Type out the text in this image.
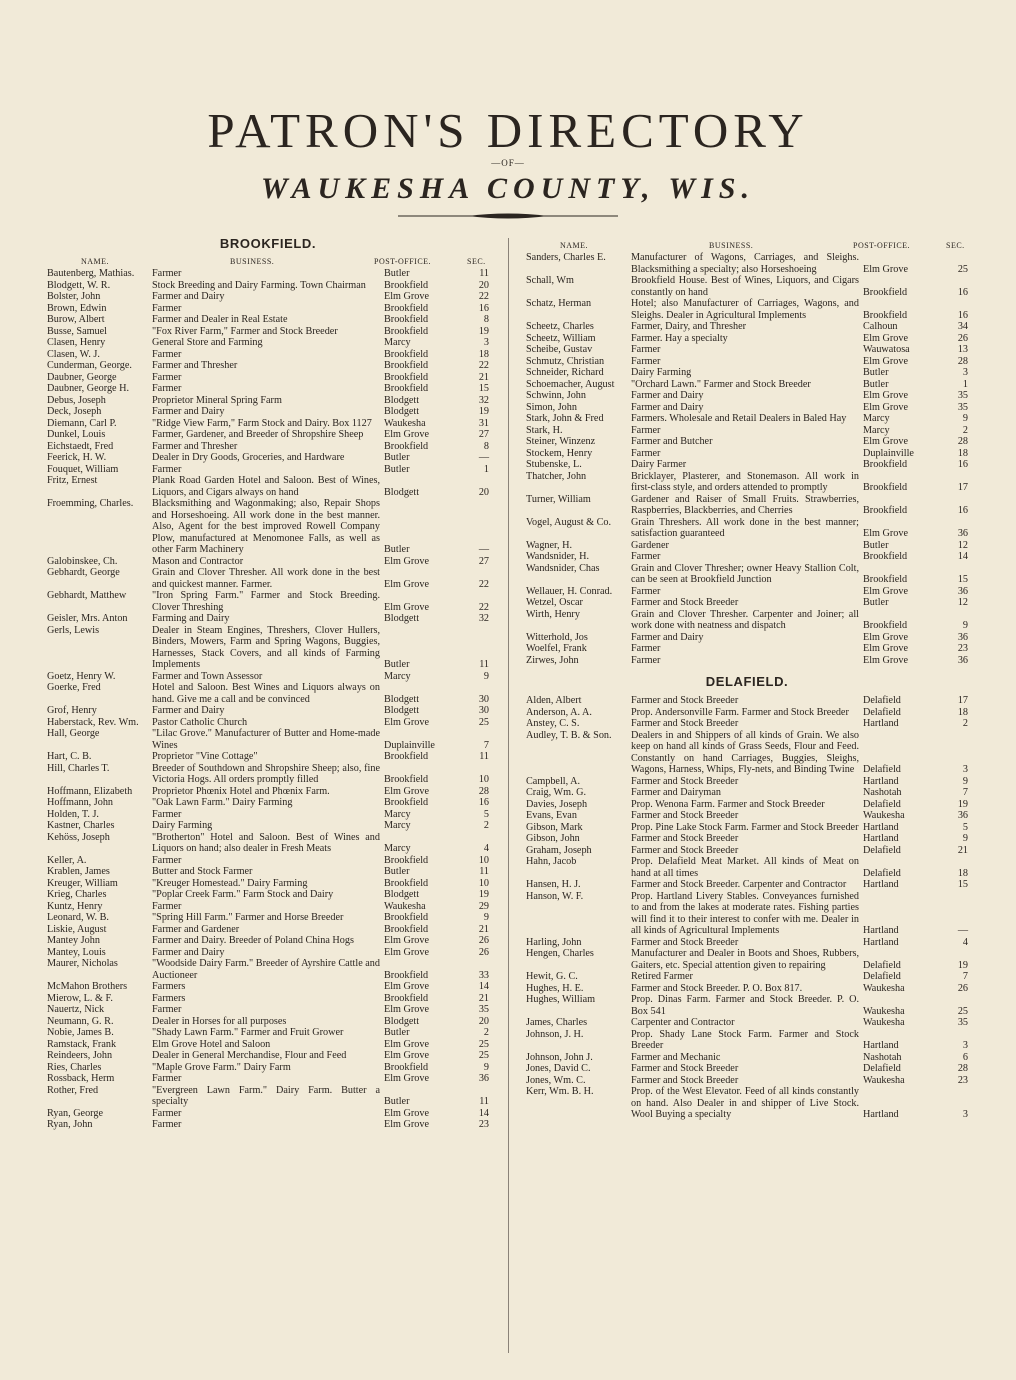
PATRON'S DIRECTORY
—OF—
WAUKESHA COUNTY, WIS.
BROOKFIELD.
NAME.	BUSINESS.	POST-OFFICE.	SEC.
Bautenberg, Mathias.	Farmer	Butler	11
Blodgett, W. R.	Stock Breeding and Dairy Farming. Town Chairman	Brookfield	20
Bolster, John	Farmer and Dairy	Elm Grove	22
Brown, Edwin	Farmer	Brookfield	16
Burow, Albert	Farmer and Dealer in Real Estate	Brookfield	8
Busse, Samuel	"Fox River Farm," Farmer and Stock Breeder	Brookfield	19
Clasen, Henry	General Store and Farming	Marcy	3
Clasen, W. J.	Farmer	Brookfield	18
Cunderman, George.	Farmer and Thresher	Brookfield	22
Daubner, George	Farmer	Brookfield	21
Daubner, George H.	Farmer	Brookfield	15
Debus, Joseph	Proprietor Mineral Spring Farm	Blodgett	32
Deck, Joseph	Farmer and Dairy	Blodgett	19
Diemann, Carl P.	"Ridge View Farm," Farm Stock and Dairy. Box 1127	Waukesha	31
Dunkel, Louis	Farmer, Gardener, and Breeder of Shropshire Sheep	Elm Grove	27
Eichstaedt, Fred	Farmer and Thresher	Brookfield	8
Feerick, H. W.	Dealer in Dry Goods, Groceries, and Hardware	Butler	—
Fouquet, William	Farmer	Butler	1
Fritz, Ernest	Plank Road Garden Hotel and Saloon. Best of Wines, Liquors, and Cigars always on hand	Blodgett	20
Froemming, Charles.	Blacksmithing and Wagonmaking; also, Repair Shops and Horseshoeing. All work done in the best manner. Also, Agent for the best improved Rowell Company Plow, manufactured at Menomonee Falls, as well as other Farm Machinery	Butler	—
Galobinskee, Ch.	Mason and Contractor	Elm Grove	27
Gebhardt, George	Grain and Clover Thresher. All work done in the best and quickest manner. Farmer.	Elm Grove	22
Gebhardt, Matthew	"Iron Spring Farm." Farmer and Stock Breeding. Clover Threshing	Elm Grove	22
Geisler, Mrs. Anton	Farming and Dairy	Blodgett	32
Gerls, Lewis	Dealer in Steam Engines, Threshers, Clover Hullers, Binders, Mowers, Farm and Spring Wagons, Buggies, Harnesses, Stack Covers, and all kinds of Farming Implements	Butler	11
Goetz, Henry W.	Farmer and Town Assessor	Marcy	9
Goerke, Fred	Hotel and Saloon. Best Wines and Liquors always on hand. Give me a call and be convinced	Blodgett	30
Grof, Henry	Farmer and Dairy	Blodgett	30
Haberstack, Rev. Wm.	Pastor Catholic Church	Elm Grove	25
Hall, George	"Lilac Grove." Manufacturer of Butter and Home-made Wines	Duplainville	7
Hart, C. B.	Proprietor "Vine Cottage"	Brookfield	11
Hill, Charles T.	Breeder of Southdown and Shropshire Sheep; also, fine Victoria Hogs. All orders promptly filled	Brookfield	10
Hoffmann, Elizabeth	Proprietor Phœnix Hotel and Phœnix Farm.	Elm Grove	28
Hoffmann, John	"Oak Lawn Farm." Dairy Farming	Brookfield	16
Holden, T. J.	Farmer	Marcy	5
Kastner, Charles	Dairy Farming	Marcy	2
Kehöss, Joseph	"Brotherton" Hotel and Saloon. Best of Wines and Liquors on hand; also dealer in Fresh Meats	Marcy	4
Keller, A.	Farmer	Brookfield	10
Krablen, James	Butter and Stock Farmer	Butler	11
Kreuger, William	"Kreuger Homestead." Dairy Farming	Brookfield	10
Krieg, Charles	"Poplar Creek Farm." Farm Stock and Dairy	Blodgett	19
Kuntz, Henry	Farmer	Waukesha	29
Leonard, W. B.	"Spring Hill Farm." Farmer and Horse Breeder	Brookfield	9
Liskie, August	Farmer and Gardener	Brookfield	21
Mantey John	Farmer and Dairy. Breeder of Poland China Hogs	Elm Grove	26
Mantey, Louis	Farmer and Dairy	Elm Grove	26
Maurer, Nicholas	"Woodside Dairy Farm." Breeder of Ayrshire Cattle and Auctioneer	Brookfield	33
McMahon Brothers	Farmers	Elm Grove	14
Mierow, L. & F.	Farmers	Brookfield	21
Nauertz, Nick	Farmer	Elm Grove	35
Neumann, G. R.	Dealer in Horses for all purposes	Blodgett	20
Nobie, James B.	"Shady Lawn Farm." Farmer and Fruit Grower	Butler	2
Ramstack, Frank	Elm Grove Hotel and Saloon	Elm Grove	25
Reindeers, John	Dealer in General Merchandise, Flour and Feed	Elm Grove	25
Ries, Charles	"Maple Grove Farm." Dairy Farm	Brookfield	9
Rossback, Herm	Farmer	Elm Grove	36
Rother, Fred	"Evergreen Lawn Farm." Dairy Farm. Butter a specialty	Butler	11
Ryan, George	Farmer	Elm Grove	14
Ryan, John	Farmer	Elm Grove	23
NAME.	BUSINESS.	POST-OFFICE.	SEC.
Sanders, Charles E.	Manufacturer of Wagons, Carriages, and Sleighs. Blacksmithing a specialty; also Horseshoeing	Elm Grove	25
Schall, Wm	Brookfield House. Best of Wines, Liquors, and Cigars constantly on hand	Brookfield	16
Schatz, Herman	Hotel; also Manufacturer of Carriages, Wagons, and Sleighs. Dealer in Agricultural Implements	Brookfield	16
Scheetz, Charles	Farmer, Dairy, and Thresher	Calhoun	34
Scheetz, William	Farmer. Hay a specialty	Elm Grove	26
Scheibe, Gustav	Farmer	Wauwatosa	13
Schmutz, Christian	Farmer	Elm Grove	28
Schneider, Richard	Dairy Farming	Butler	3
Schoemacher, August	"Orchard Lawn." Farmer and Stock Breeder	Butler	1
Schwinn, John	Farmer and Dairy	Elm Grove	35
Simon, John	Farmer and Dairy	Elm Grove	35
Stark, John & Fred	Farmers. Wholesale and Retail Dealers in Baled Hay	Marcy	9
Stark, H.	Farmer	Marcy	2
Steiner, Winzenz	Farmer and Butcher	Elm Grove	28
Stockem, Henry	Farmer	Duplainville	18
Stubenske, L.	Dairy Farmer	Brookfield	16
Thatcher, John	Bricklayer, Plasterer, and Stonemason. All work in first-class style, and orders attended to promptly	Brookfield	17
Turner, William	Gardener and Raiser of Small Fruits. Strawberries, Raspberries, Blackberries, and Cherries	Brookfield	16
Vogel, August & Co.	Grain Threshers. All work done in the best manner; satisfaction guaranteed	Elm Grove	36
Wagner, H.	Gardener	Butler	12
Wandsnider, H.	Farmer	Brookfield	14
Wandsnider, Chas	Grain and Clover Thresher; owner Heavy Stallion Colt, can be seen at Brookfield Junction	Brookfield	15
Wellauer, H. Conrad.	Farmer	Elm Grove	36
Wetzel, Oscar	Farmer and Stock Breeder	Butler	12
Wirth, Henry	Grain and Clover Thresher. Carpenter and Joiner; all work done with neatness and dispatch	Brookfield	9
Witterhold, Jos	Farmer and Dairy	Elm Grove	36
Woelfel, Frank	Farmer	Elm Grove	23
Zirwes, John	Farmer	Elm Grove	36
DELAFIELD.
Alden, Albert	Farmer and Stock Breeder	Delafield	17
Anderson, A. A.	Prop. Andersonville Farm. Farmer and Stock Breeder	Delafield	18
Anstey, C. S.	Farmer and Stock Breeder	Hartland	2
Audley, T. B. & Son.	Dealers in and Shippers of all kinds of Grain. We also keep on hand all kinds of Grass Seeds, Flour and Feed. Constantly on hand Carriages, Buggies, Sleighs, Wagons, Harness, Whips, Fly-nets, and Binding Twine Delafield	3
Campbell, A.	Farmer and Stock Breeder	Hartland	9
Craig, Wm. G.	Farmer and Dairyman	Nashotah	7
Davies, Joseph	Prop. Wenona Farm. Farmer and Stock Breeder	Delafield	19
Evans, Evan	Farmer and Stock Breeder	Waukesha	36
Gibson, Mark	Prop. Pine Lake Stock Farm. Farmer and Stock Breeder Hartland	5
Gibson, John	Farmer and Stock Breeder	Hartland	9
Graham, Joseph	Farmer and Stock Breeder	Delafield	21
Hahn, Jacob	Prop. Delafield Meat Market. All kinds of Meat on hand at all times	Delafield	18
Hansen, H. J.	Farmer and Stock Breeder. Carpenter and Contractor	Hartland	15
Hanson, W. F.	Prop. Hartland Livery Stables. Conveyances furnished to and from the lakes at moderate rates. Fishing parties will find it to their interest to confer with me. Dealer in all kinds of Agricultural Implements	Hartland	—
Harling, John	Farmer and Stock Breeder	Hartland	4
Hengen, Charles	Manufacturer and Dealer in Boots and Shoes, Rubbers, Gaiters, etc. Special attention given to repairing	Delafield	19
Hewit, G. C.	Retired Farmer	Delafield	7
Hughes, H. E.	Farmer and Stock Breeder. P. O. Box 817.	Waukesha	26
Hughes, William	Prop. Dinas Farm. Farmer and Stock Breeder. P. O. Box 541	Waukesha	25
James, Charles	Carpenter and Contractor	Waukesha	35
Johnson, J. H.	Prop. Shady Lane Stock Farm. Farmer and Stock Breeder	Hartland	3
Johnson, John J.	Farmer and Mechanic	Nashotah	6
Jones, David C.	Farmer and Stock Breeder	Delafield	28
Jones, Wm. C.	Farmer and Stock Breeder	Waukesha	23
Kerr, Wm. B. H.	Prop. of the West Elevator. Feed of all kinds constantly on hand. Also Dealer in and shipper of Live Stock. Wool Buying a specialty	Hartland	3
